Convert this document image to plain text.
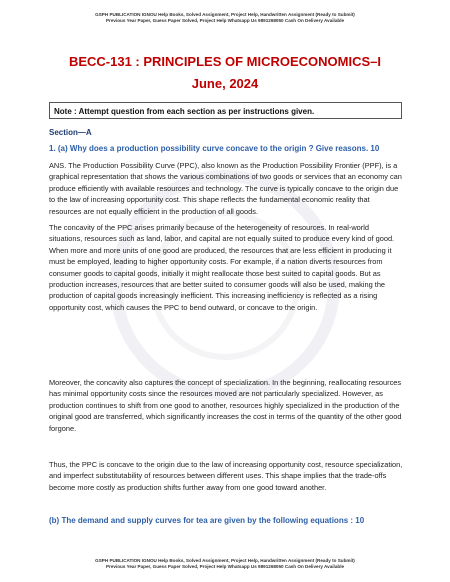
GSPH PUBLICATION IGNOU Help Books, Solved Assignment, Project Help, Handwritten Assignment (Ready to Submit)
Previous Year Paper, Guess Paper Solved, Project Help Whatsapp Us 9891268050 Cash On Delivery Available
BECC-131 : PRINCIPLES OF MICROECONOMICS–I
June, 2024
Note : Attempt question from each section as per instructions given.
Section—A
1. (a) Why does a production possibility curve concave to the origin ? Give reasons. 10
ANS. The Production Possibility Curve (PPC), also known as the Production Possibility Frontier (PPF), is a graphical representation that shows the various combinations of two goods or services that an economy can produce efficiently with available resources and technology. The curve is typically concave to the origin due to the law of increasing opportunity cost. This shape reflects the fundamental economic reality that resources are not equally efficient in the production of all goods.
The concavity of the PPC arises primarily because of the heterogeneity of resources. In real-world situations, resources such as land, labor, and capital are not equally suited to produce every kind of good. When more and more units of one good are produced, the resources that are less efficient in producing it must be employed, leading to higher opportunity costs. For example, if a nation diverts resources from consumer goods to capital goods, initially it might reallocate those best suited to capital goods. But as production increases, resources that are better suited to consumer goods will also be used, making the production of capital goods increasingly inefficient. This increasing inefficiency is reflected as a rising opportunity cost, which causes the PPC to bend outward, or concave to the origin.
Moreover, the concavity also captures the concept of specialization. In the beginning, reallocating resources has minimal opportunity costs since the resources moved are not particularly specialized. However, as production continues to shift from one good to another, resources highly specialized in the production of the original good are transferred, which significantly increases the cost in terms of the quantity of the other good forgone.
Thus, the PPC is concave to the origin due to the law of increasing opportunity cost, resource specialization, and imperfect substitutability of resources between different uses. This shape implies that the trade-offs become more costly as production shifts further away from one good toward another.
(b) The demand and supply curves for tea are given by the following equations : 10
GSPH PUBLICATION IGNOU Help Books, Solved Assignment, Project Help, Handwritten Assignment (Ready to Submit)
Previous Year Paper, Guess Paper Solved, Project Help Whatsapp Us 9891268050 Cash On Delivery Available
